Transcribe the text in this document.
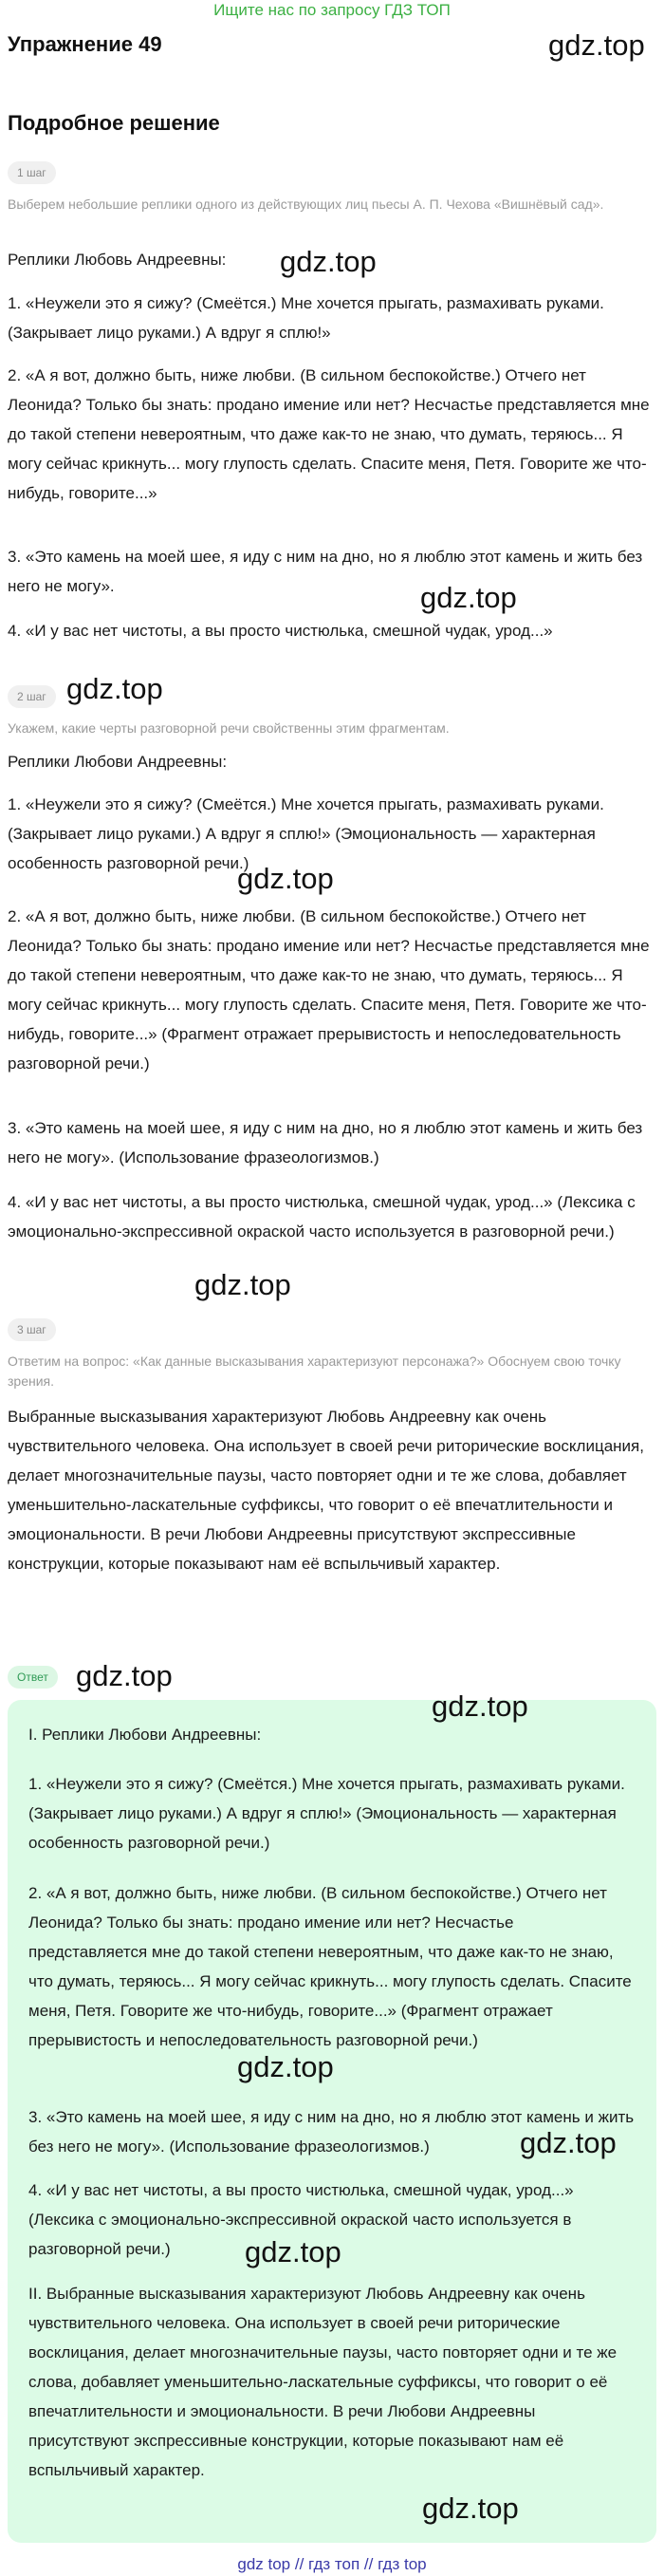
Ищите нас по запросу ГДЗ ТОП
Упражнение 49	gdz.top
Подробное решение
1 шаг
Выберем небольшие реплики одного из действующих лиц пьесы А. П. Чехова «Вишнёвый сад».

Реплики Любовь Андреевны:

1. «Неужели это я сижу? (Смеётся.) Мне хочется прыгать, размахивать руками. (Закрывает лицо руками.) А вдруг я сплю!»

2. «А я вот, должно быть, ниже любви. (В сильном беспокойстве.) Отчего нет Леонида? Только бы знать: продано имение или нет? Несчастье представляется мне до такой степени невероятным, что даже как-то не знаю, что думать, теряюсь... Я могу сейчас крикнуть... могу глупость сделать. Спасите меня, Петя. Говорите же что-нибудь, говорите...»

3. «Это камень на моей шее, я иду с ним на дно, но я люблю этот камень и жить без него не могу».

4. «И у вас нет чистоты, а вы просто чистюлька, смешной чудак, урод...»

gdz.top
gdz.top
2 шаг gdz.top
Укажем, какие черты разговорной речи свойственны этим фрагментам.

Реплики Любови Андреевны:

1. «Неужели это я сижу? (Смеётся.) Мне хочется прыгать, размахивать руками. (Закрывает лицо руками.) А вдруг я сплю!» (Эмоциональность — характерная особенность разговорной речи.)

2. «А я вот, должно быть, ниже любви. (В сильном беспокойстве.) Отчего нет Леонида? Только бы знать: продано имение или нет? Несчастье представляется мне до такой степени невероятным, что даже как-то не знаю, что думать, теряюсь... Я могу сейчас крикнуть... могу глупость сделать. Спасите меня, Петя. Говорите же что-нибудь, говорите...» (Фрагмент отражает прерывистость и непоследовательность разговорной речи.)

3. «Это камень на моей шее, я иду с ним на дно, но я люблю этот камень и жить без него не могу». (Использование фразеологизмов.)

4. «И у вас нет чистоты, а вы просто чистюлька, смешной чудак, урод...» (Лексика с эмоционально-экспрессивной окраской часто используется в разговорной речи.)

gdz.top
gdz.top
3 шаг
Ответим на вопрос: «Как данные высказывания характеризуют персонажа?» Обоснуем свою точку зрения.

Выбранные высказывания характеризуют Любовь Андреевну как очень чувствительного человека. Она использует в своей речи риторические восклицания, делает многозначительные паузы, часто повторяет одни и те же слова, добавляет уменьшительно-ласкательные суффиксы, что говорит о её впечатлительности и эмоциональности. В речи Любови Андреевны присутствуют экспрессивные конструкции, которые показывают нам её вспыльчивый характер.

Ответ gdz.top

I. Реплики Любови Андреевны:

1. «Неужели это я сижу? (Смеётся.) Мне хочется прыгать, размахивать руками. (Закрывает лицо руками.) А вдруг я сплю!» (Эмоциональность — характерная особенность разговорной речи.)

2. «А я вот, должно быть, ниже любви. (В сильном беспокойстве.) Отчего нет Леонида? Только бы знать: продано имение или нет? Несчастье представляется мне до такой степени невероятным, что даже как-то не знаю, что думать, теряюсь... Я могу сейчас крикнуть... могу глупость сделать. Спасите меня, Петя. Говорите же что-нибудь, говорите...» (Фрагмент отражает прерывистость и непоследовательность разговорной речи.)

3. «Это камень на моей шее, я иду с ним на дно, но я люблю этот камень и жить без него не могу». (Использование фразеологизмов.)

4. «И у вас нет чистоты, а вы просто чистюлька, смешной чудак, урод...» (Лексика с эмоционально-экспрессивной окраской часто используется в разговорной речи.)

II. Выбранные высказывания характеризуют Любовь Андреевну как очень чувствительного человека. Она использует в своей речи риторические восклицания, делает многозначительные паузы, часто повторяет одни и те же слова, добавляет уменьшительно-ласкательные суффиксы, что говорит о её впечатлительности и эмоциональности. В речи Любови Андреевны присутствуют экспрессивные конструкции, которые показывают нам её вспыльчивый характер.

gdz.top
gdz.top
gdz.top
gdz.top
gdz.top
gdz top // гдз топ // гдз top
